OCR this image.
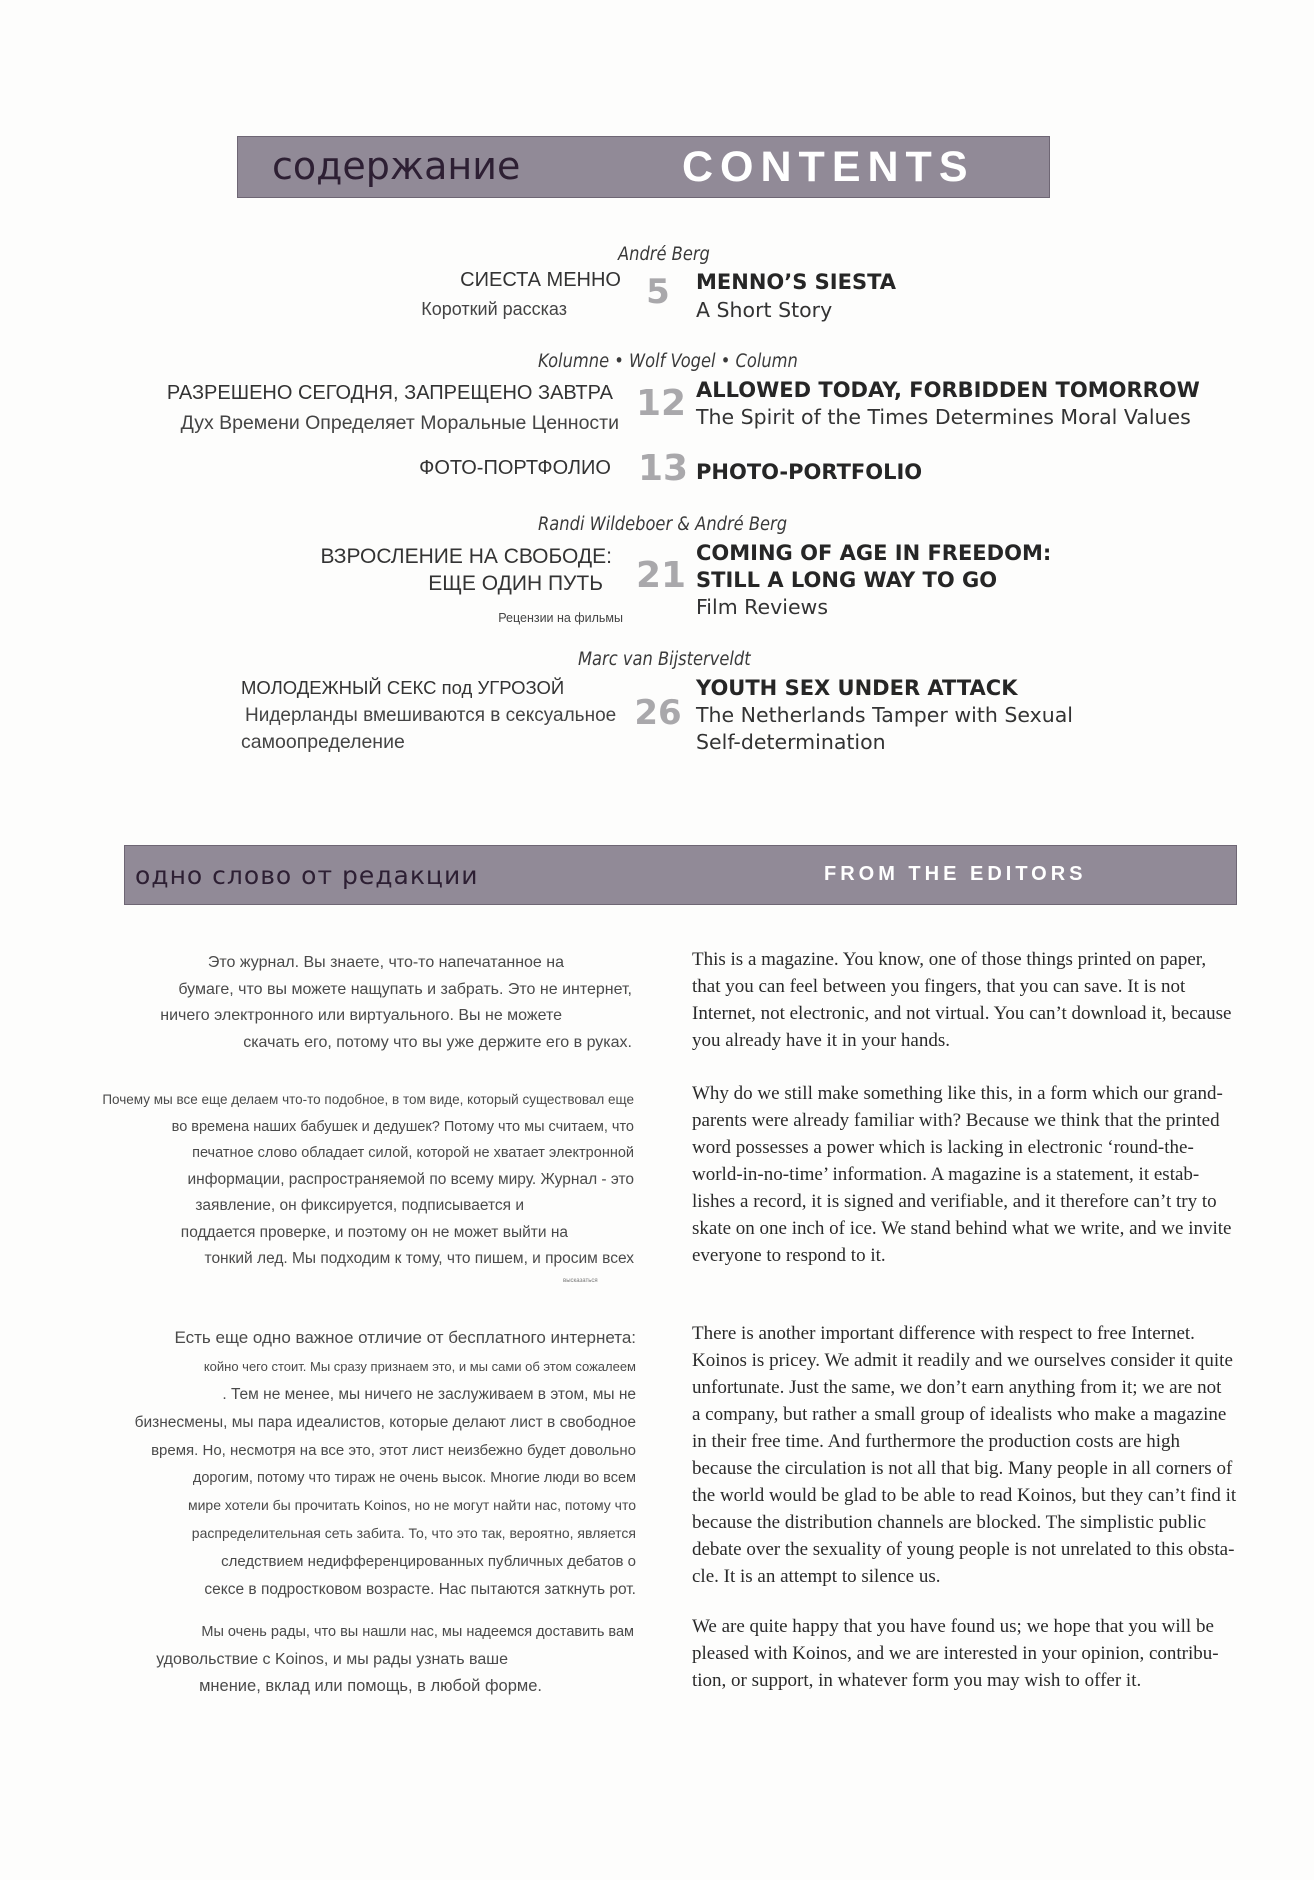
содержание	CONTENTS
André Berg
СИЕСТА МЕННО
Короткий рассказ 5 MENNO’S SIESTA
A Short Story
Kolumne • Wolf Vogel • Column
РАЗРЕШЕНО СЕГОДНЯ, ЗАПРЕЩЕНО ЗАВТРА
Дух Времени Определяет Моральные Ценности 12 ALLOWED TODAY, FORBIDDEN TOMORROW
The Spirit of the Times Determines Moral Values
ФОТО-ПОРТФОЛИО 13 PHOTO-PORTFOLIO
Randi Wildeboer & André Berg
ВЗРОСЛЕНИЕ НА СВОБОДЕ:
ЕЩЕ ОДИН ПУТЬ
Рецензии на фильмы
21
COMING OF AGE IN FREEDOM:
STILL A LONG WAY TO GO
Film Reviews
Marc van Bijsterveldt
МОЛОДЕЖНЫЙ СЕКС под УГРОЗОЙ
Нидерланды вмешиваются в сексуальное
самоопределение
26
YOUTH SEX UNDER ATTACK
The Netherlands Tamper with Sexual
Self-determination
одно слово от редакции	FROM THE EDITORS

Это журнал. Вы знаете, что-то напечатанное на
бумаге, что вы можете нащупать и забрать. Это не интернет,
ничего электронного или виртуального. Вы не можете
скачать его, потому что вы уже держите его в руках.

Почему мы все еще делаем что-то подобное, в том виде, который существовал еще
во времена наших бабушек и дедушек? Потому что мы считаем, что
печатное слово обладает силой, которой не хватает электронной
информации, распространяемой по всему миру. Журнал - это
заявление, он фиксируется, подписывается и
поддается проверке, и поэтому он не может выйти на
тонкий лед. Мы подходим к тому, что пишем, и просим всех

высказаться

Есть еще одно важное отличие от бесплатного интернета:
койно чего стоит. Мы сразу признаем это, и мы сами об этом сожалеем
. Тем не менее, мы ничего не заслуживаем в этом, мы не
бизнесмены, мы пара идеалистов, которые делают лист в свободное
время. Но, несмотря на все это, этот лист неизбежно будет довольно
дорогим, потому что тираж не очень высок. Многие люди во всем
мире хотели бы прочитать Koinos, но не могут найти нас, потому что
распределительная сеть забита. То, что это так, вероятно, является
следствием недифференцированных публичных дебатов о
сексе в подростковом возрасте. Нас пытаются заткнуть рот.

Мы очень рады, что вы нашли нас, мы надеемся доставить вам
удовольствие с Koinos, и мы рады узнать ваше
мнение, вклад или помощь, в любой форме.

This is a magazine. You know, one of those things printed on paper,
that you can feel between you fingers, that you can save. It is not
Internet, not electronic, and not virtual. You can’t download it, because
you already have it in your hands.

Why do we still make something like this, in a form which our grand-
parents were already familiar with? Because we think that the printed
word possesses a power which is lacking in electronic ‘round-the-
world-in-no-time’ information. A magazine is a statement, it estab-
lishes a record, it is signed and verifiable, and it therefore can’t try to
skate on one inch of ice. We stand behind what we write, and we invite
everyone to respond to it.

There is another important difference with respect to free Internet.
Koinos is pricey. We admit it readily and we ourselves consider it quite
unfortunate. Just the same, we don’t earn anything from it; we are not
a company, but rather a small group of idealists who make a magazine
in their free time. And furthermore the production costs are high
because the circulation is not all that big. Many people in all corners of
the world would be glad to be able to read Koinos, but they can’t find it
because the distribution channels are blocked. The simplistic public
debate over the sexuality of young people is not unrelated to this obsta-
cle. It is an attempt to silence us.

We are quite happy that you have found us; we hope that you will be
pleased with Koinos, and we are interested in your opinion, contribu-
tion, or support, in whatever form you may wish to offer it.
